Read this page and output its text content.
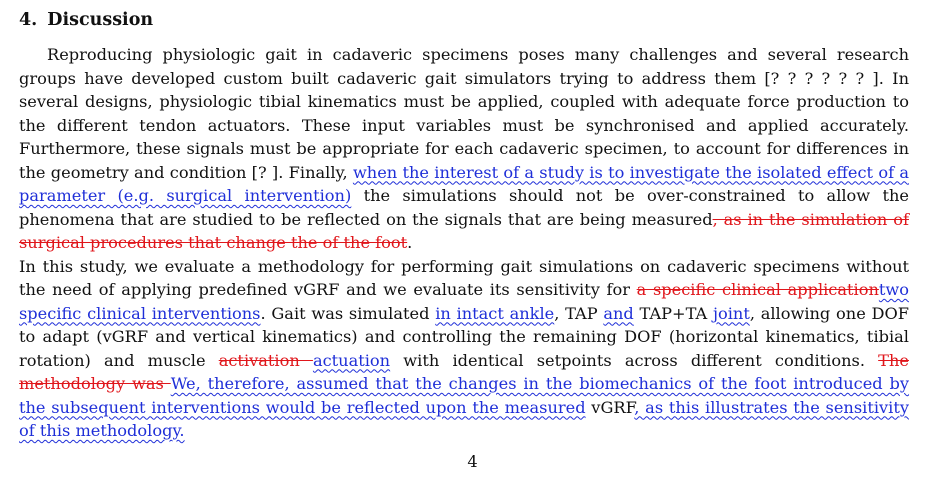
4. Discussion

Reproducing physiologic gait in cadaveric specimens poses many challenges and several research groups have developed custom built cadaveric gait simulators trying to address them [? ? ? ? ? ? ]. In several designs, physiologic tibial kinematics must be applied, coupled with adequate force production to the different tendon actuators. These input variables must be synchronised and applied accurately. Furthermore, these signals must be appropriate for each cadaveric specimen, to account for differences in the geometry and condition [? ]. Finally, when the interest of a study is to investigate the isolated effect of a parameter (e.g. surgical intervention) the simulations should not be over-constrained to allow the phenomena that are studied to be reflected on the signals that are being measured, as in the simulation of surgical procedures that change the of the foot.

In this study, we evaluate a methodology for performing gait simulations on cadaveric specimens without the need of applying predefined vGRF and we evaluate its sensitivity for a specific clinical applicationtwo specific clinical interventions. Gait was simulated in intact ankle, TAP and TAP+TA joint, allowing one DOF to adapt (vGRF and vertical kinematics) and controlling the remaining DOF (horizontal kinematics, tibial rotation) and muscle activation actuation with identical setpoints across different conditions. The methodology was We, therefore, assumed that the changes in the biomechanics of the foot introduced by the subsequent interventions would be reflected upon the measured vGRF, as this illustrates the sensitivity of this methodology.

4
